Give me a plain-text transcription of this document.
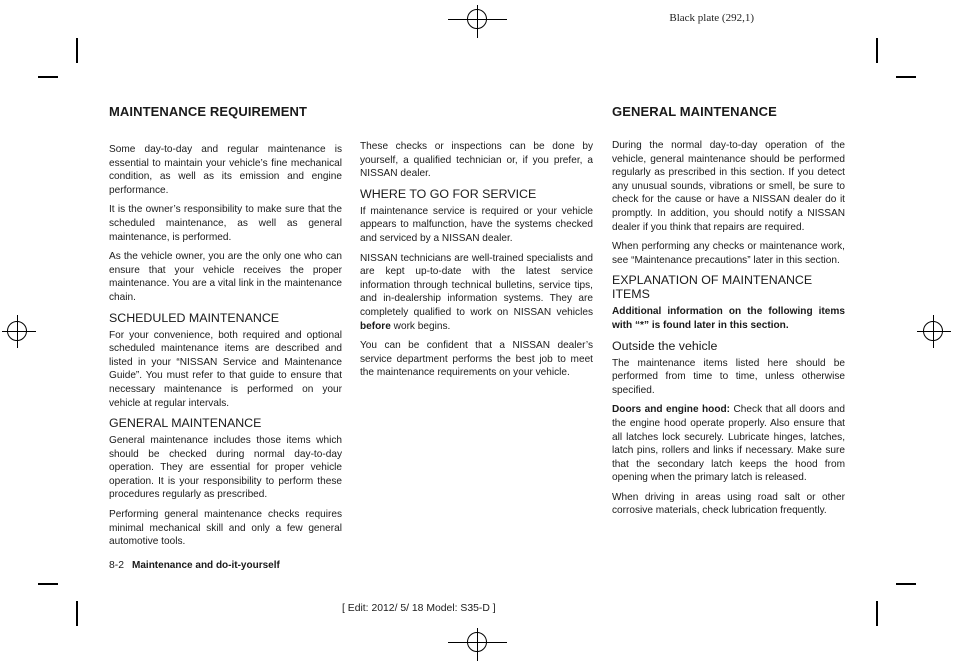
Black plate (292,1)
MAINTENANCE REQUIREMENT

Some day-to-day and regular maintenance is essential to maintain your vehicle’s fine mechanical condition, as well as its emission and engine performance.

It is the owner’s responsibility to make sure that the scheduled maintenance, as well as general maintenance, is performed.

As the vehicle owner, you are the only one who can ensure that your vehicle receives the proper maintenance. You are a vital link in the maintenance chain.

SCHEDULED MAINTENANCE

For your convenience, both required and optional scheduled maintenance items are described and listed in your “NISSAN Service and Maintenance Guide”. You must refer to that guide to ensure that necessary maintenance is performed on your vehicle at regular intervals.

GENERAL MAINTENANCE

General maintenance includes those items which should be checked during normal day-to-day operation. They are essential for proper vehicle operation. It is your responsibility to perform these procedures regularly as prescribed.

Performing general maintenance checks requires minimal mechanical skill and only a few general automotive tools.

These checks or inspections can be done by yourself, a qualified technician or, if you prefer, a NISSAN dealer.

WHERE TO GO FOR SERVICE

If maintenance service is required or your vehicle appears to malfunction, have the systems checked and serviced by a NISSAN dealer.

NISSAN technicians are well-trained specialists and are kept up-to-date with the latest service information through technical bulletins, service tips, and in-dealership information systems. They are completely qualified to work on NISSAN vehicles before work begins.

You can be confident that a NISSAN dealer’s service department performs the best job to meet the maintenance requirements on your vehicle.

GENERAL MAINTENANCE

During the normal day-to-day operation of the vehicle, general maintenance should be performed regularly as prescribed in this section. If you detect any unusual sounds, vibrations or smell, be sure to check for the cause or have a NISSAN dealer do it promptly. In addition, you should notify a NISSAN dealer if you think that repairs are required.

When performing any checks or maintenance work, see “Maintenance precautions” later in this section.

EXPLANATION OF MAINTENANCE ITEMS

Additional information on the following items with “*” is found later in this section.

Outside the vehicle

The maintenance items listed here should be performed from time to time, unless otherwise specified.

Doors and engine hood: Check that all doors and the engine hood operate properly. Also ensure that all latches lock securely. Lubricate hinges, latches, latch pins, rollers and links if necessary. Make sure that the secondary latch keeps the hood from opening when the primary latch is released.

When driving in areas using road salt or other corrosive materials, check lubrication frequently.

8-2 Maintenance and do-it-yourself
[ Edit: 2012/ 5/ 18 Model: S35-D ]
